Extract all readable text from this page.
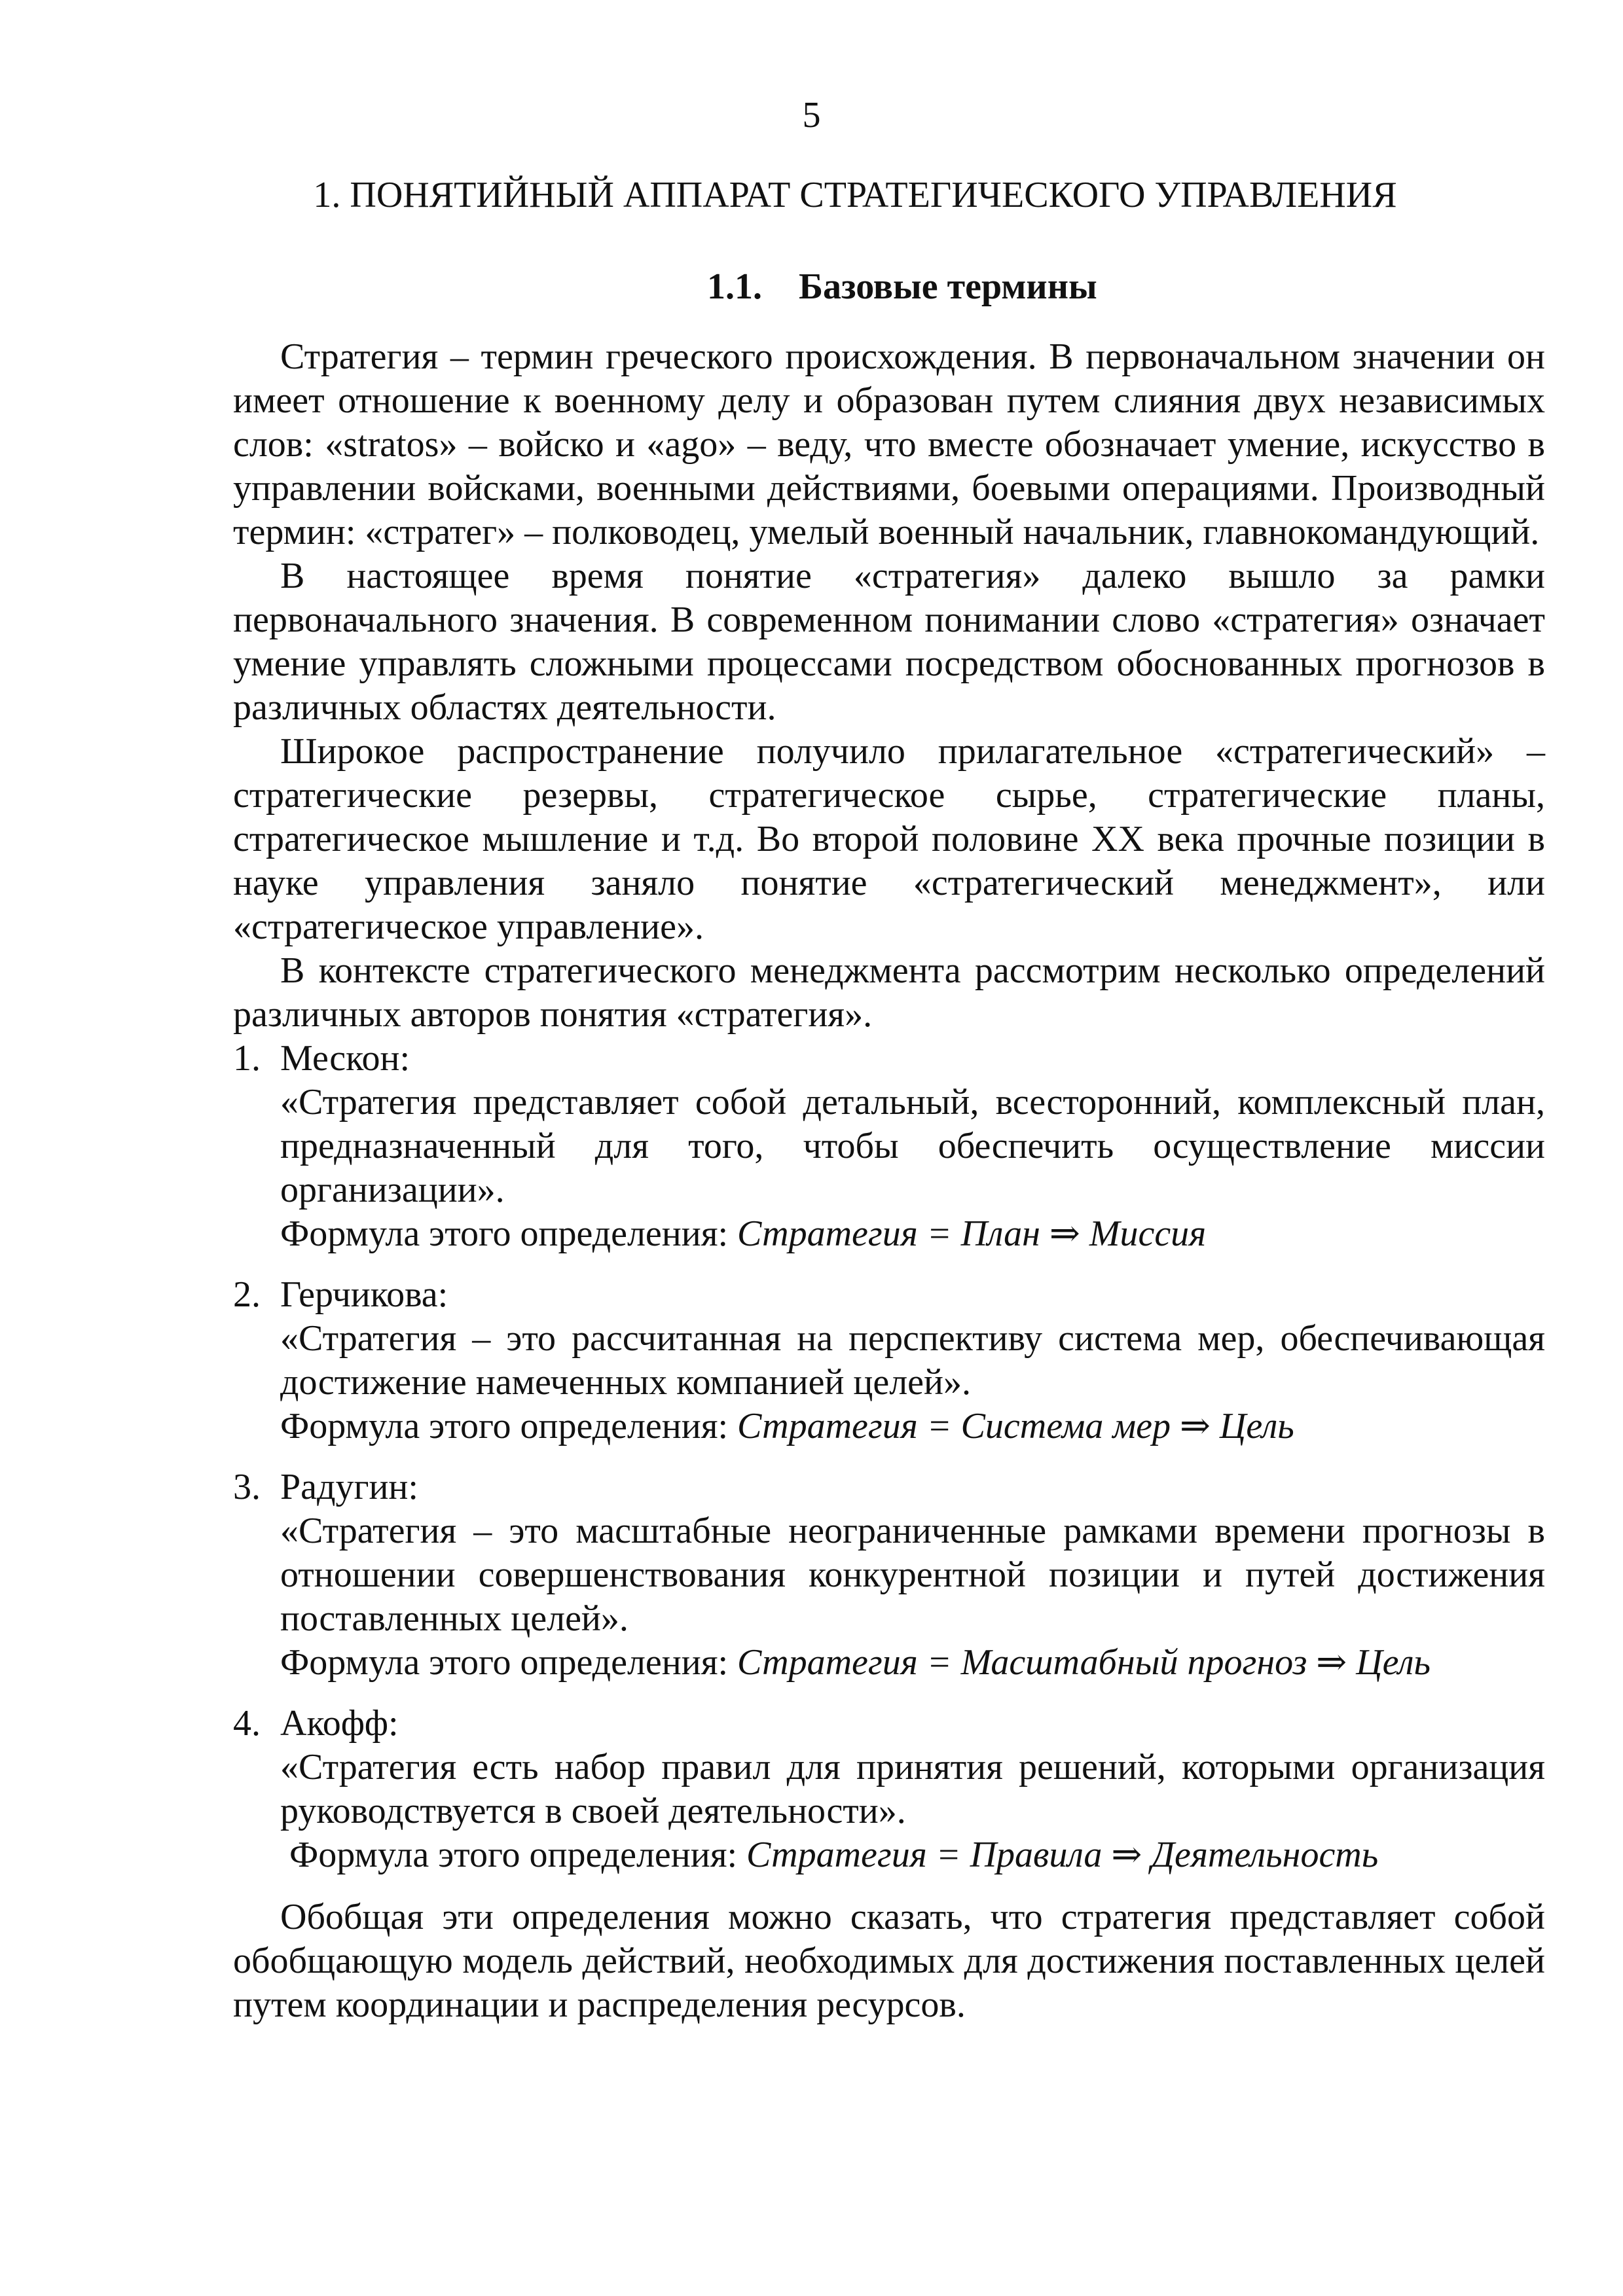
5
1. ПОНЯТИЙНЫЙ АППАРАТ СТРАТЕГИЧЕСКОГО УПРАВЛЕНИЯ
1.1. Базовые термины

Стратегия – термин греческого происхождения. В первоначальном значении он имеет отношение к военному делу и образован путем слияния двух независимых слов: «stratos» – войско и «ago» – веду, что вместе обозначает умение, искусство в управлении войсками, военными действиями, боевыми операциями. Производный термин: «стратег» – полководец, умелый военный начальник, главнокомандующий.

В настоящее время понятие «стратегия» далеко вышло за рамки первоначального значения. В современном понимании слово «стратегия» означает умение управлять сложными процессами посредством обоснованных прогнозов в различных областях деятельности.

Широкое распространение получило прилагательное «стратегический» – стратегические резервы, стратегическое сырье, стратегические планы, стратегическое мышление и т.д. Во второй половине XX века прочные позиции в науке управления заняло понятие «стратегический менеджмент», или «стратегическое управление».

В контексте стратегического менеджмента рассмотрим несколько определений различных авторов понятия «стратегия».

1. Мескон:

«Стратегия представляет собой детальный, всесторонний, комплексный план, предназначенный для того, чтобы обеспечить осуществление миссии организации».

Формула этого определения: Стратегия = План ⇒ Миссия

2. Герчикова:

«Стратегия – это рассчитанная на перспективу система мер, обеспечивающая достижение намеченных компанией целей».

Формула этого определения: Стратегия = Система мер ⇒ Цель

3. Радугин:

«Стратегия – это масштабные неограниченные рамками времени прогнозы в отношении совершенствования конкурентной позиции и путей достижения поставленных целей».

Формула этого определения: Стратегия = Масштабный прогноз ⇒ Цель

4. Акофф:

«Стратегия есть набор правил для принятия решений, которыми организация руководствуется в своей деятельности».

Формула этого определения: Стратегия = Правила ⇒ Деятельность

Обобщая эти определения можно сказать, что стратегия представляет собой обобщающую модель действий, необходимых для достижения поставленных целей путем координации и распределения ресурсов.
